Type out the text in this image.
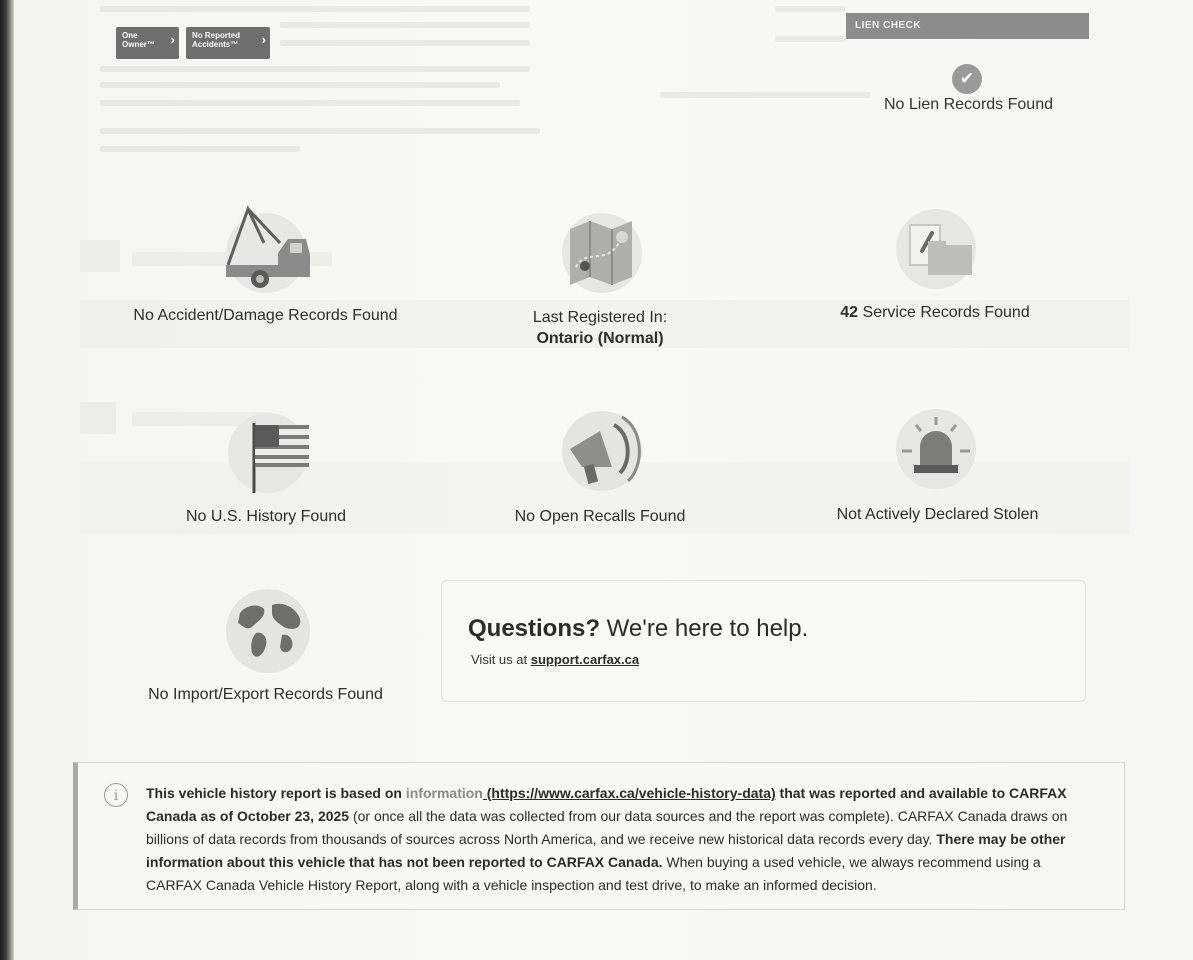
One
Owner™ ›	No Reported
Accidents™ ›
LIEN CHECK
✔
No Lien Records Found
No Accident/Damage Records Found	Last Registered In:
Ontario (Normal)
42 Service Records Found
No U.S. History Found	No Open Recalls Found	Not Actively Declared Stolen
No Import/Export Records Found
Questions? We're here to help.
Visit us at support.carfax.ca
i	This vehicle history report is based on information (https://www.carfax.ca/vehicle-history-data) that was reported and available to CARFAX Canada as of October 23, 2025 (or once all the data was collected from our data sources and the report was complete). CARFAX Canada draws on billions of data records from thousands of sources across North America, and we receive new historical data records every day. There may be other information about this vehicle that has not been reported to CARFAX Canada. When buying a used vehicle, we always recommend using a CARFAX Canada Vehicle History Report, along with a vehicle inspection and test drive, to make an informed decision.
